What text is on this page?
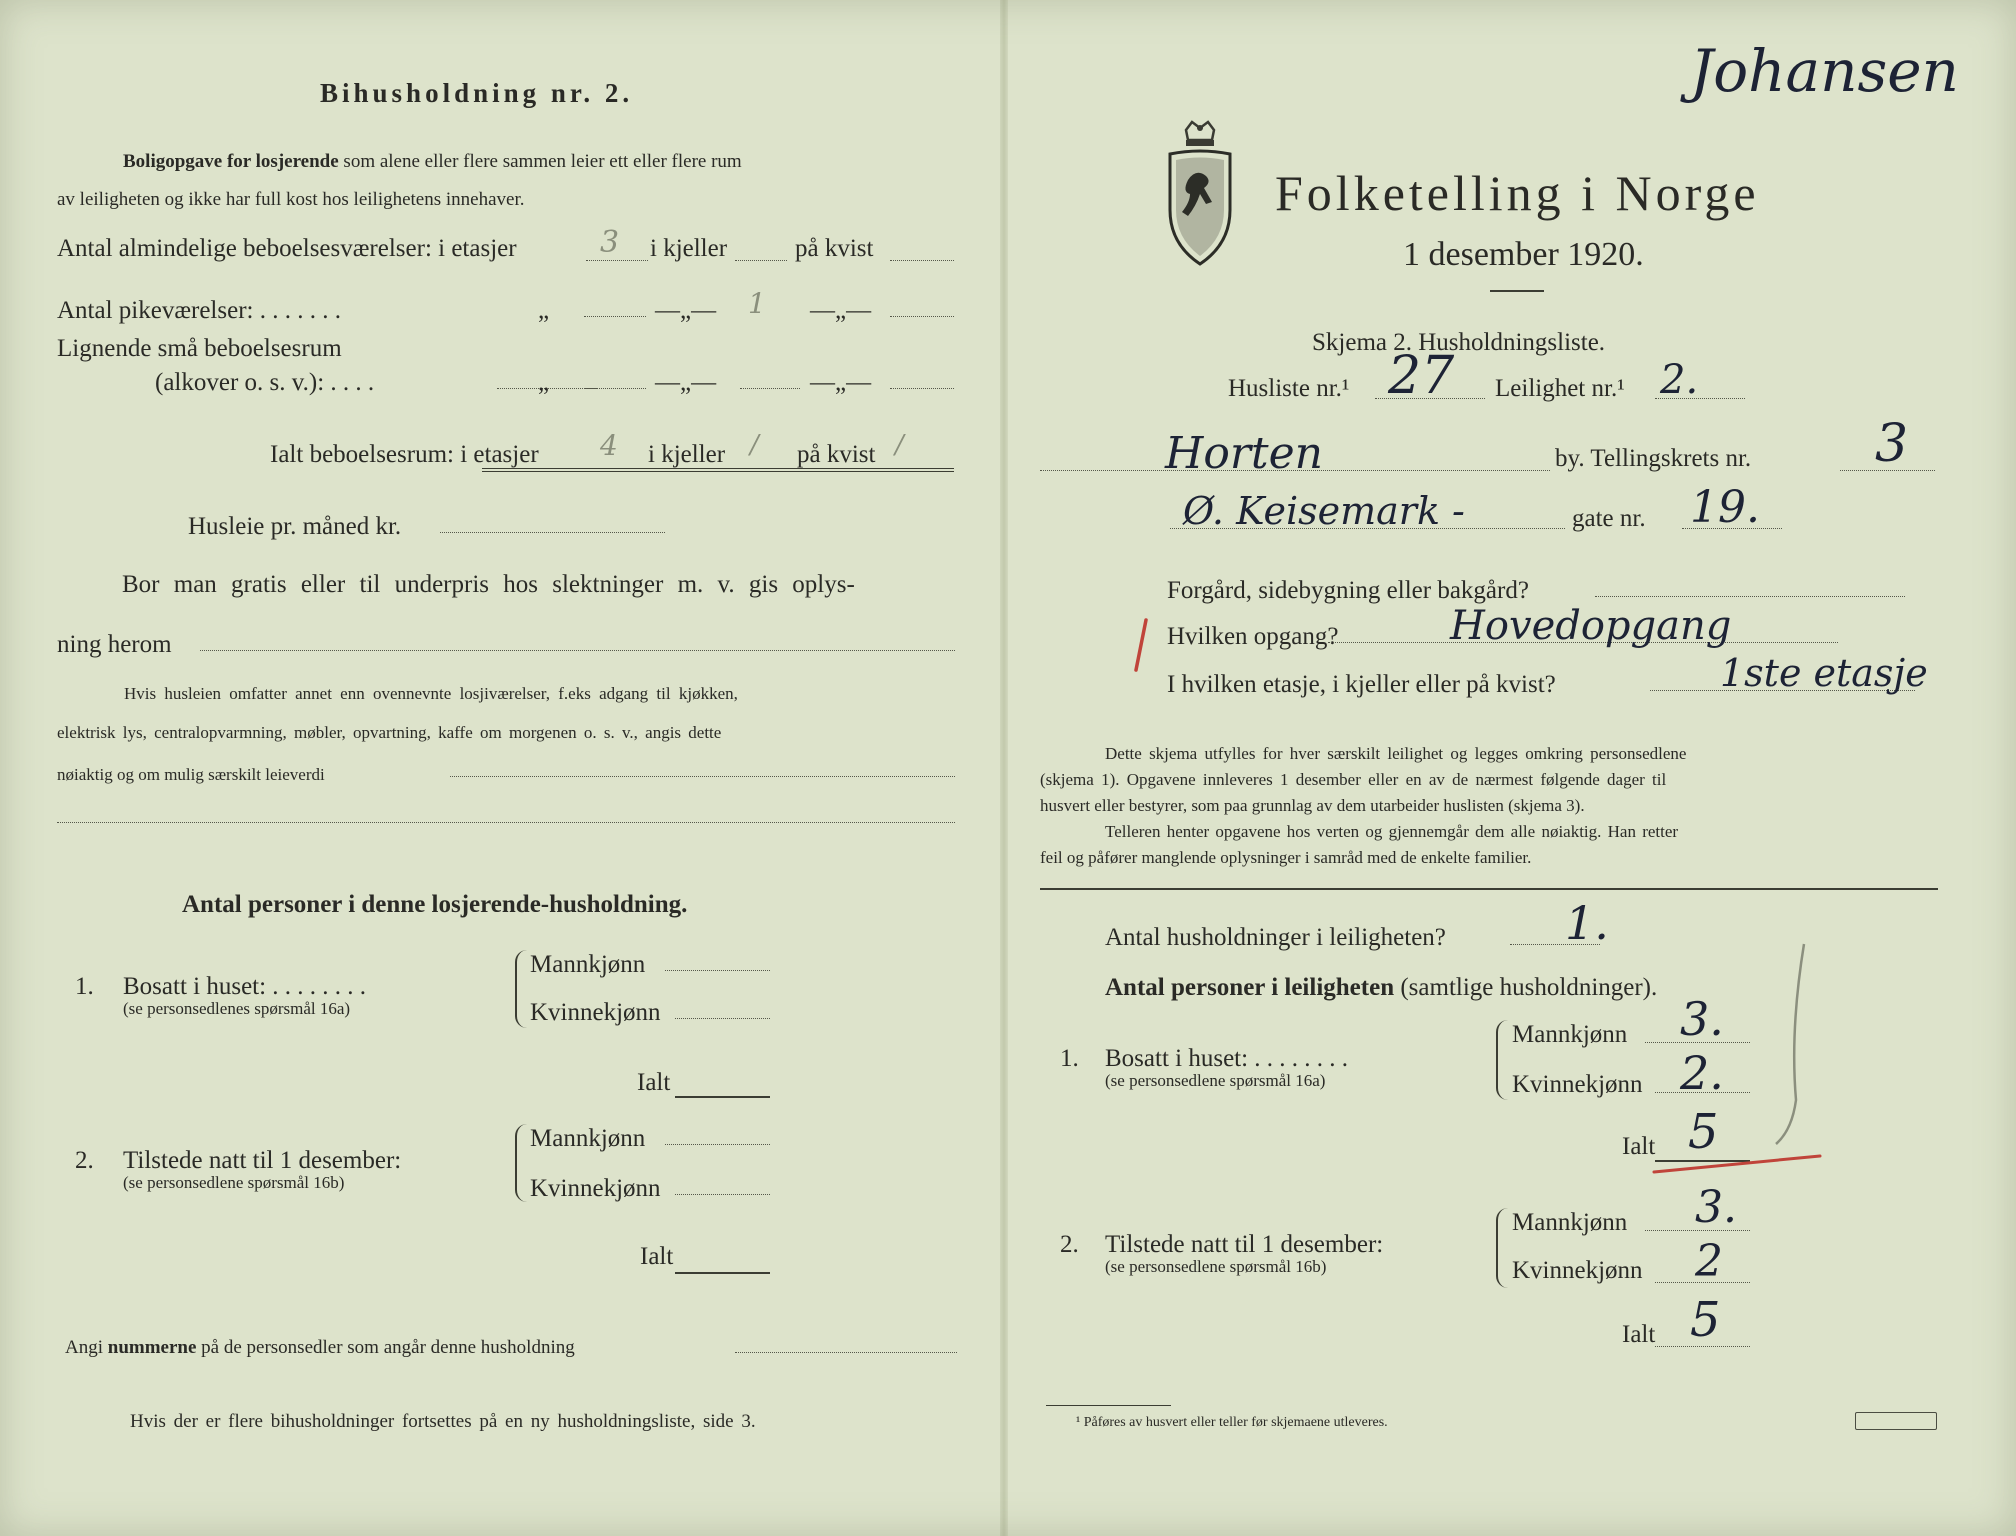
Bihusholdning nr. 2.
Boligopgave for losjerende som alene eller flere sammen leier ett eller flere rum
av leiligheten og ikke har full kost hos leilighetens innehaver.
Antal almindelige beboelsesværelser: i etasjer	3 i kjeller	på kvist
Antal pikeværelser: . . . . . . .	„	—„— 1 —„—
Lignende små beboelsesrum
(alkover o. s. v.): . . . .	„	—„—	—„—
Ialt beboelsesrum: i etasjer 4 i kjeller / på kvist /
Husleie pr. måned kr.
Bor man gratis eller til underpris hos slektninger m. v. gis oplys-
ning herom
Hvis husleien omfatter annet enn ovennevnte losjiværelser, f.eks adgang til kjøkken,
elektrisk lys, centralopvarmning, møbler, opvartning, kaffe om morgenen o. s. v., angis dette
nøiaktig og om mulig særskilt leieverdi
Antal personer i denne losjerende-husholdning.
1. Bosatt i huset: . . . . . . . .
(se personsedlenes spørsmål 16a)
Mannkjønn
Kvinnekjønn
Ialt
2. Tilstede natt til 1 desember:
(se personsedlene spørsmål 16b)
Mannkjønn
Kvinnekjønn
Ialt
Angi nummerne på de personsedler som angår denne husholdning
Hvis der er flere bihusholdninger fortsettes på en ny husholdningsliste, side 3.
Johansen
Folketelling i Norge
1 desember 1920.
Skjema 2. Husholdningsliste.
Husliste nr.¹ 27 Leilighet nr.¹ 2.
Horten	by. Tellingskrets nr. 3
Ø. Keisemark -	gate nr. 19.
Forgård, sidebygning eller bakgård?
Hvilken opgang?	Hovedopgang
I hvilken etasje, i kjeller eller på kvist?	1ste etasje
Dette skjema utfylles for hver særskilt leilighet og legges omkring personsedlene
(skjema 1). Opgavene innleveres 1 desember eller en av de nærmest følgende dager til
husvert eller bestyrer, som paa grunnlag av dem utarbeider huslisten (skjema 3).
Telleren henter opgavene hos verten og gjennemgår dem alle nøiaktig. Han retter
feil og påfører manglende oplysninger i samråd med de enkelte familier.
Antal husholdninger i leiligheten?	1.
Antal personer i leiligheten (samtlige husholdninger).
1. Bosatt i huset: . . . . . . . .
(se personsedlene spørsmål 16a)
Mannkjønn 3.
Kvinnekjønn 2.
Ialt 5
2. Tilstede natt til 1 desember:
(se personsedlene spørsmål 16b)
Mannkjønn 3.
Kvinnekjønn 2
Ialt 5
¹ Påføres av husvert eller teller før skjemaene utleveres.
